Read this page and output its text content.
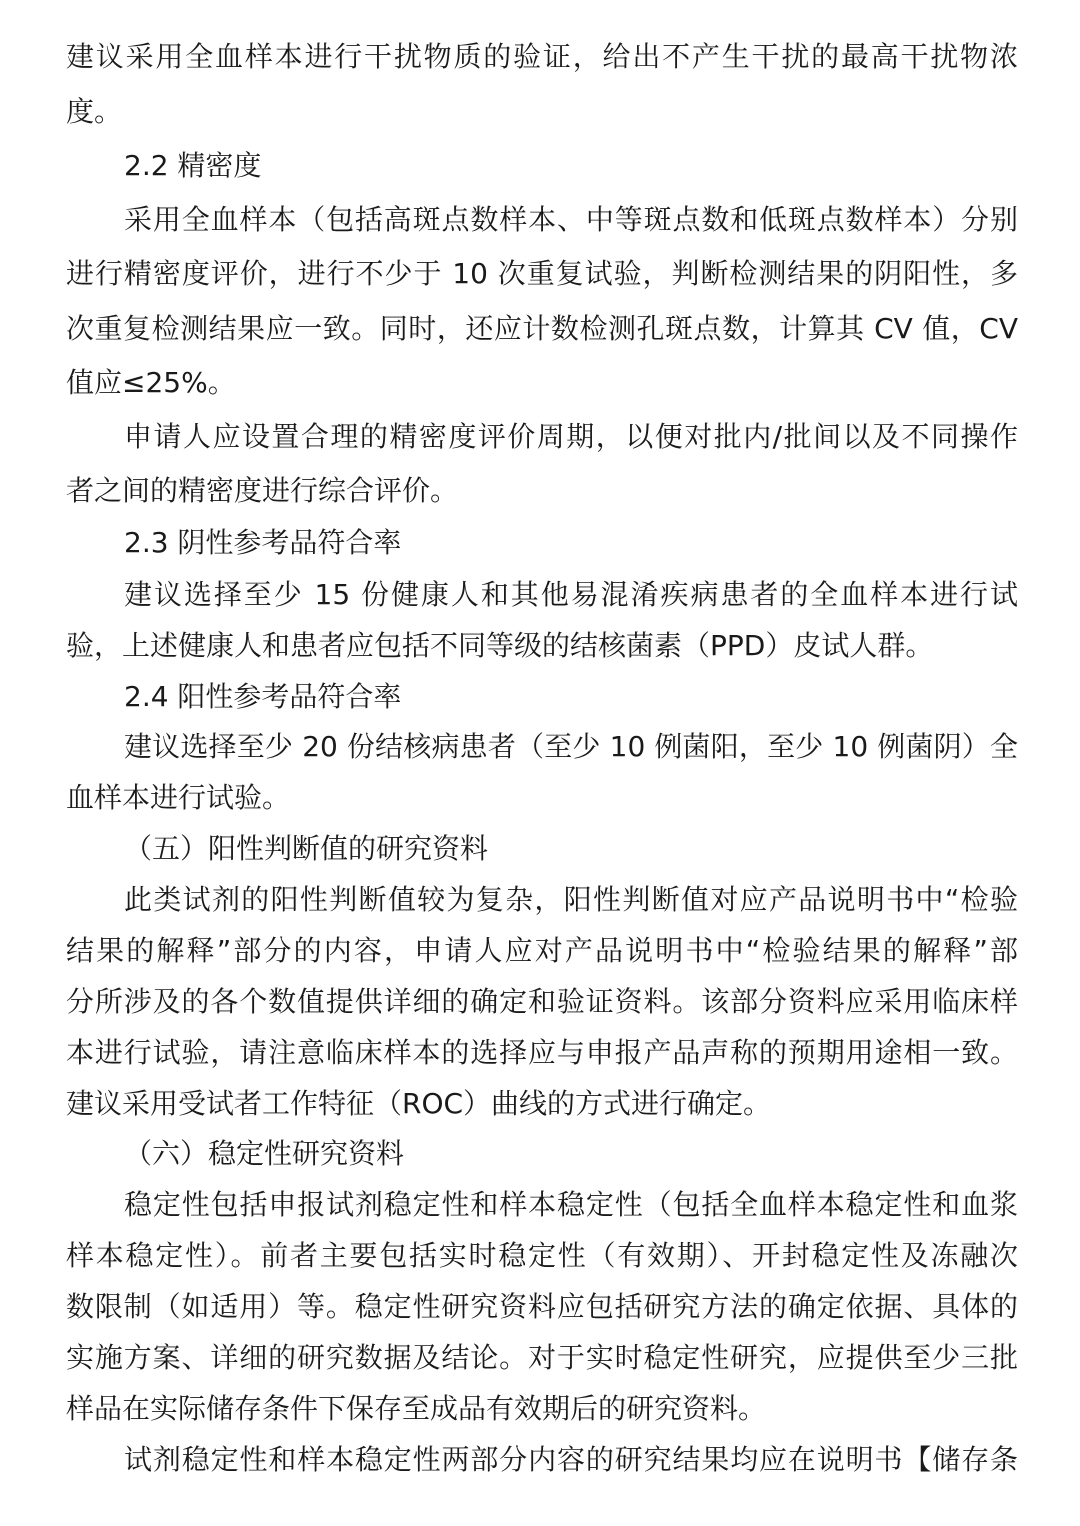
建议采用全血样本进行干扰物质的验证，给出不产生干扰的最高干扰物浓
度。
2.2 精密度
采用全血样本（包括高斑点数样本、中等斑点数和低斑点数样本）分别
进行精密度评价，进行不少于 10 次重复试验，判断检测结果的阴阳性，多
次重复检测结果应一致。同时，还应计数检测孔斑点数，计算其 CV 值，CV
值应≤25%。
申请人应设置合理的精密度评价周期，以便对批内/批间以及不同操作
者之间的精密度进行综合评价。
2.3 阴性参考品符合率
建议选择至少 15 份健康人和其他易混淆疾病患者的全血样本进行试
验，上述健康人和患者应包括不同等级的结核菌素（PPD）皮试人群。
2.4 阳性参考品符合率
建议选择至少 20 份结核病患者（至少 10 例菌阳，至少 10 例菌阴）全
血样本进行试验。
（五）阳性判断值的研究资料
此类试剂的阳性判断值较为复杂，阳性判断值对应产品说明书中“检验
结果的解释”部分的内容，申请人应对产品说明书中“检验结果的解释”部
分所涉及的各个数值提供详细的确定和验证资料。该部分资料应采用临床样
本进行试验，请注意临床样本的选择应与申报产品声称的预期用途相一致。
建议采用受试者工作特征（ROC）曲线的方式进行确定。
（六）稳定性研究资料
稳定性包括申报试剂稳定性和样本稳定性（包括全血样本稳定性和血浆
样本稳定性）。前者主要包括实时稳定性（有效期）、开封稳定性及冻融次
数限制（如适用）等。稳定性研究资料应包括研究方法的确定依据、具体的
实施方案、详细的研究数据及结论。对于实时稳定性研究，应提供至少三批
样品在实际储存条件下保存至成品有效期后的研究资料。
试剂稳定性和样本稳定性两部分内容的研究结果均应在说明书【储存条
